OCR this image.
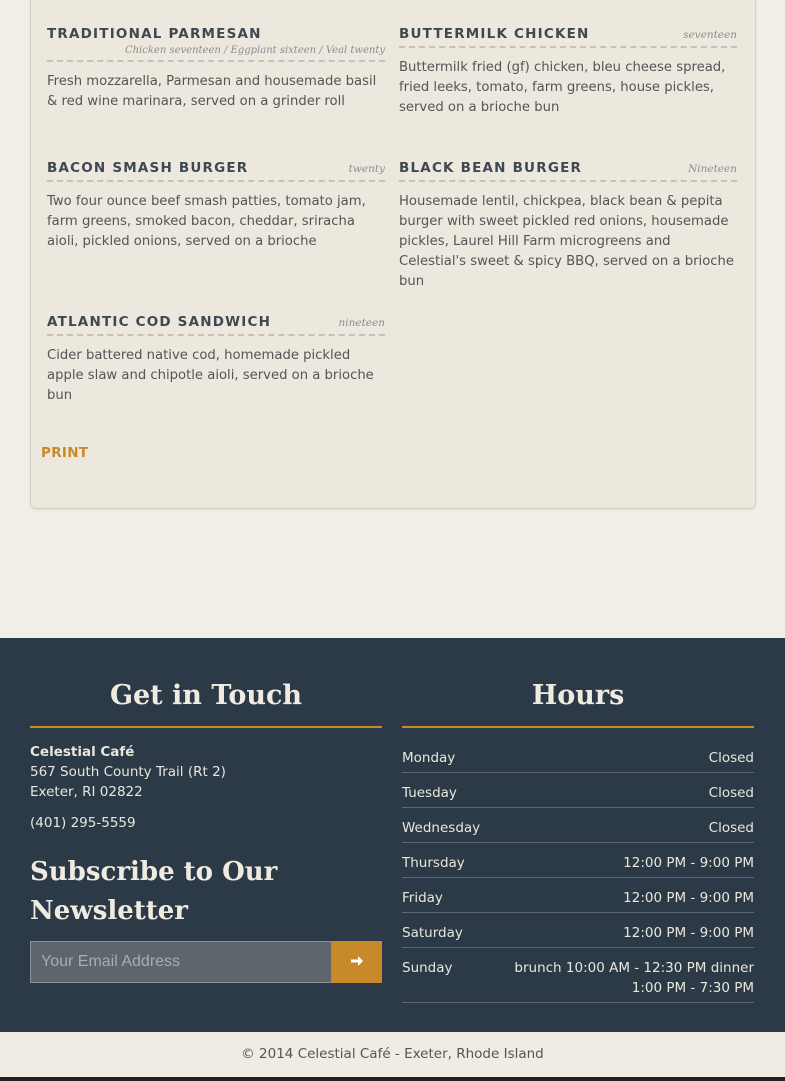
TRADITIONAL PARMESAN
Chicken seventeen / Eggplant sixteen / Veal twenty
Fresh mozzarella, Parmesan and housemade basil & red wine marinara, served on a grinder roll
BUTTERMILK CHICKEN	seventeen
Buttermilk fried (gf) chicken, bleu cheese spread, fried leeks, tomato, farm greens, house pickles, served on a brioche bun
BACON SMASH BURGER	twenty
Two four ounce beef smash patties, tomato jam, farm greens, smoked bacon, cheddar, sriracha aioli, pickled onions, served on a brioche
BLACK BEAN BURGER	Nineteen
Housemade lentil, chickpea, black bean & pepita burger with sweet pickled red onions, housemade pickles, Laurel Hill Farm microgreens and Celestial's sweet & spicy BBQ, served on a brioche bun
ATLANTIC COD SANDWICH	nineteen
Cider battered native cod, homemade pickled apple slaw and chipotle aioli, served on a brioche bun
PRINT
Get in Touch
Celestial Café
567 South County Trail (Rt 2)
Exeter, RI 02822
(401) 295-5559
Subscribe to Our Newsletter
Your Email Address
Hours
Monday	Closed
Tuesday	Closed
Wednesday	Closed
Thursday	12:00 PM - 9:00 PM
Friday	12:00 PM - 9:00 PM
Saturday	12:00 PM - 9:00 PM
Sunday	brunch 10:00 AM - 12:30 PM dinner 1:00 PM - 7:30 PM
© 2014 Celestial Café - Exeter, Rhode Island
